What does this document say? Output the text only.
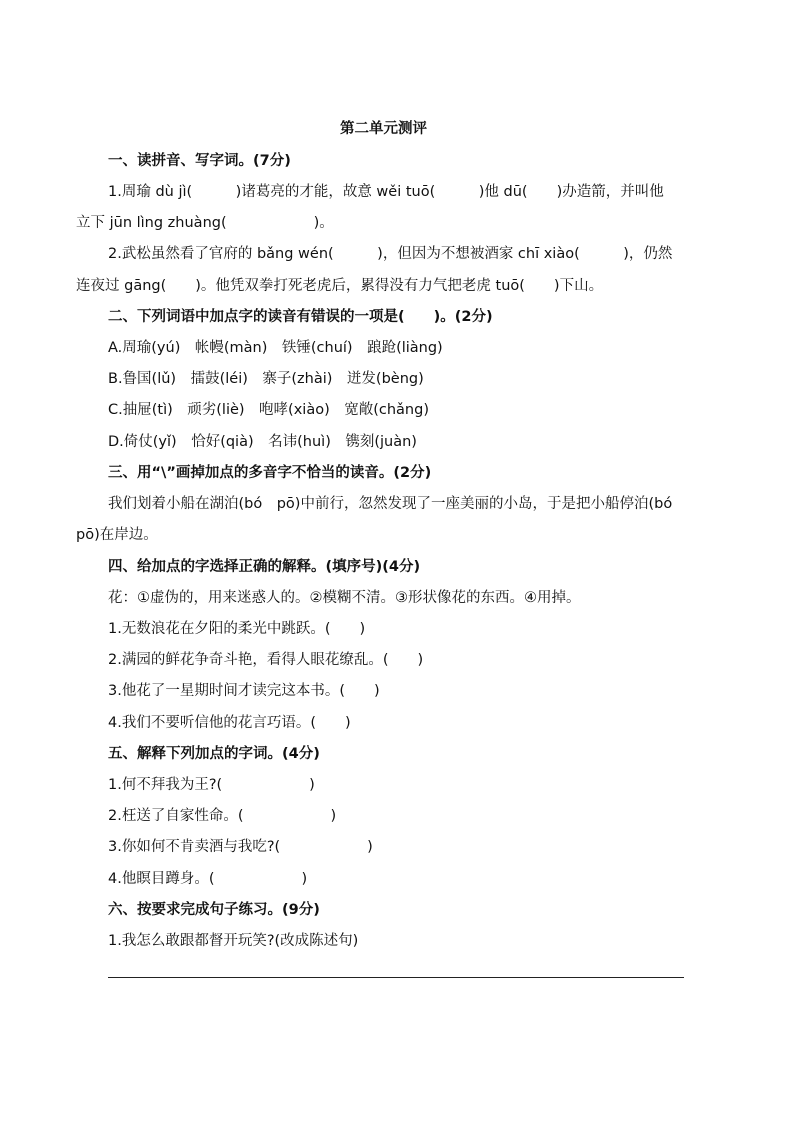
第二单元测评
一、读拼音、写字词。(7分)
1.周瑜 dù jì(　　　)诸葛亮的才能，故意 wěi tuō(　　　)他 dū(　　)办造箭，并叫他
立下 jūn lìng zhuàng(　　　　　　)。
2.武松虽然看了官府的 bǎng wén(　　　)，但因为不想被酒家 chī xiào(　　　)，仍然
连夜过 gāng(　　)。他凭双拳打死老虎后，累得没有力气把老虎 tuō(　　)下山。
二、下列词语中加点字的读音有错误的一项是(　　)。(2分)
A.周瑜(yú)　帐幔(màn)　铁锤(chuí)　踉跄(liàng)
B.鲁国(lǔ)　擂鼓(léi)　寨子(zhài)　迸发(bèng)
C.抽屉(tì)　顽劣(liè)　咆哮(xiào)　宽敞(chǎng)
D.倚仗(yǐ)　恰好(qià)　名讳(huì)　镌刻(juàn)
三、用“\”画掉加点的多音字不恰当的读音。(2分)
我们划着小船在湖泊(bó　pō)中前行，忽然发现了一座美丽的小岛，于是把小船停泊(bó
pō)在岸边。
四、给加点的字选择正确的解释。(填序号)(4分)
花：①虚伪的，用来迷惑人的。②模糊不清。③形状像花的东西。④用掉。
1.无数浪花在夕阳的柔光中跳跃。(　　)
2.满园的鲜花争奇斗艳，看得人眼花缭乱。(　　)
3.他花了一星期时间才读完这本书。(　　)
4.我们不要听信他的花言巧语。(　　)
五、解释下列加点的字词。(4分)
1.何不拜我为王?(　　　　　　)
2.枉送了自家性命。(　　　　　　)
3.你如何不肯卖酒与我吃?(　　　　　　)
4.他瞑目蹲身。(　　　　　　)
六、按要求完成句子练习。(9分)
1.我怎么敢跟都督开玩笑?(改成陈述句)
